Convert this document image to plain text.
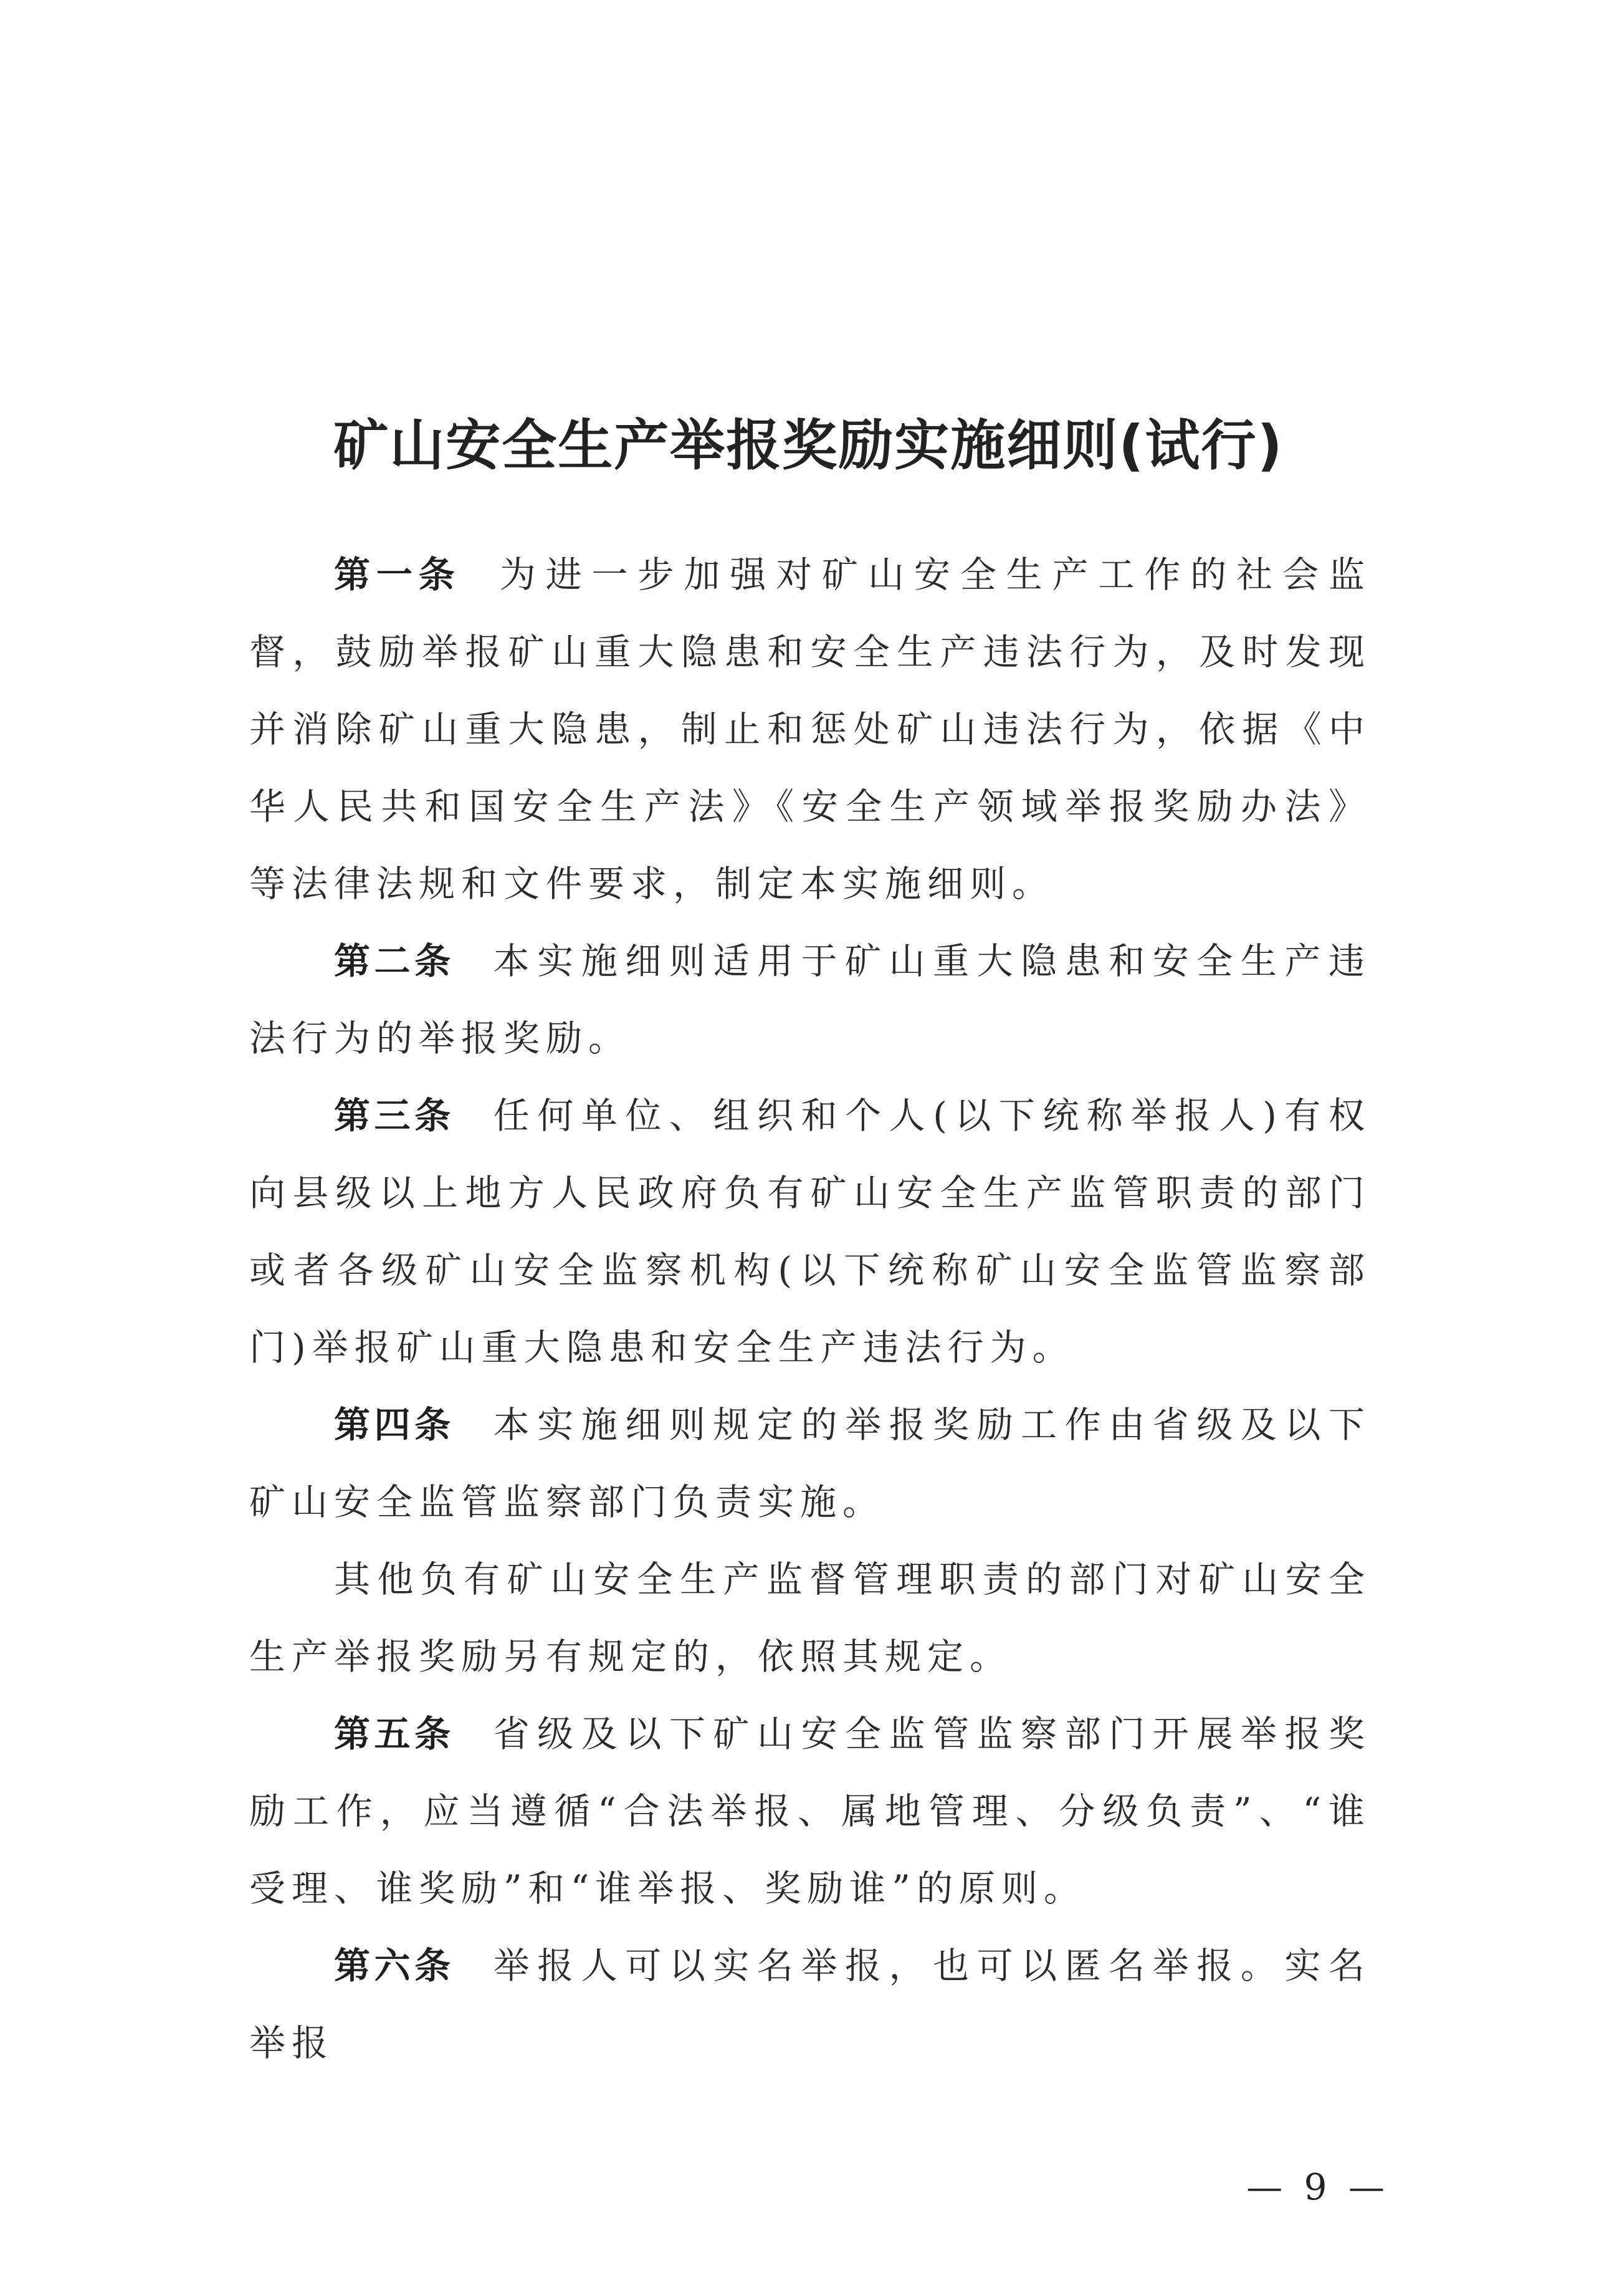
矿山安全生产举报奖励实施细则(试行)

第一条 为进一步加强对矿山安全生产工作的社会监督，鼓励举报矿山重大隐患和安全生产违法行为，及时发现并消除矿山重大隐患，制止和惩处矿山违法行为，依据《中华人民共和国安全生产法》《安全生产领域举报奖励办法》等法律法规和文件要求，制定本实施细则。

第二条 本实施细则适用于矿山重大隐患和安全生产违法行为的举报奖励。

第三条 任何单位、组织和个人(以下统称举报人)有权向县级以上地方人民政府负有矿山安全生产监管职责的部门或者各级矿山安全监察机构(以下统称矿山安全监管监察部门)举报矿山重大隐患和安全生产违法行为。

第四条 本实施细则规定的举报奖励工作由省级及以下矿山安全监管监察部门负责实施。

其他负有矿山安全生产监督管理职责的部门对矿山安全生产举报奖励另有规定的，依照其规定。

第五条 省级及以下矿山安全监管监察部门开展举报奖励工作，应当遵循“合法举报、属地管理、分级负责”、“谁受理、谁奖励”和“谁举报、奖励谁”的原则。

第六条 举报人可以实名举报，也可以匿名举报。实名举报

— 9 —
